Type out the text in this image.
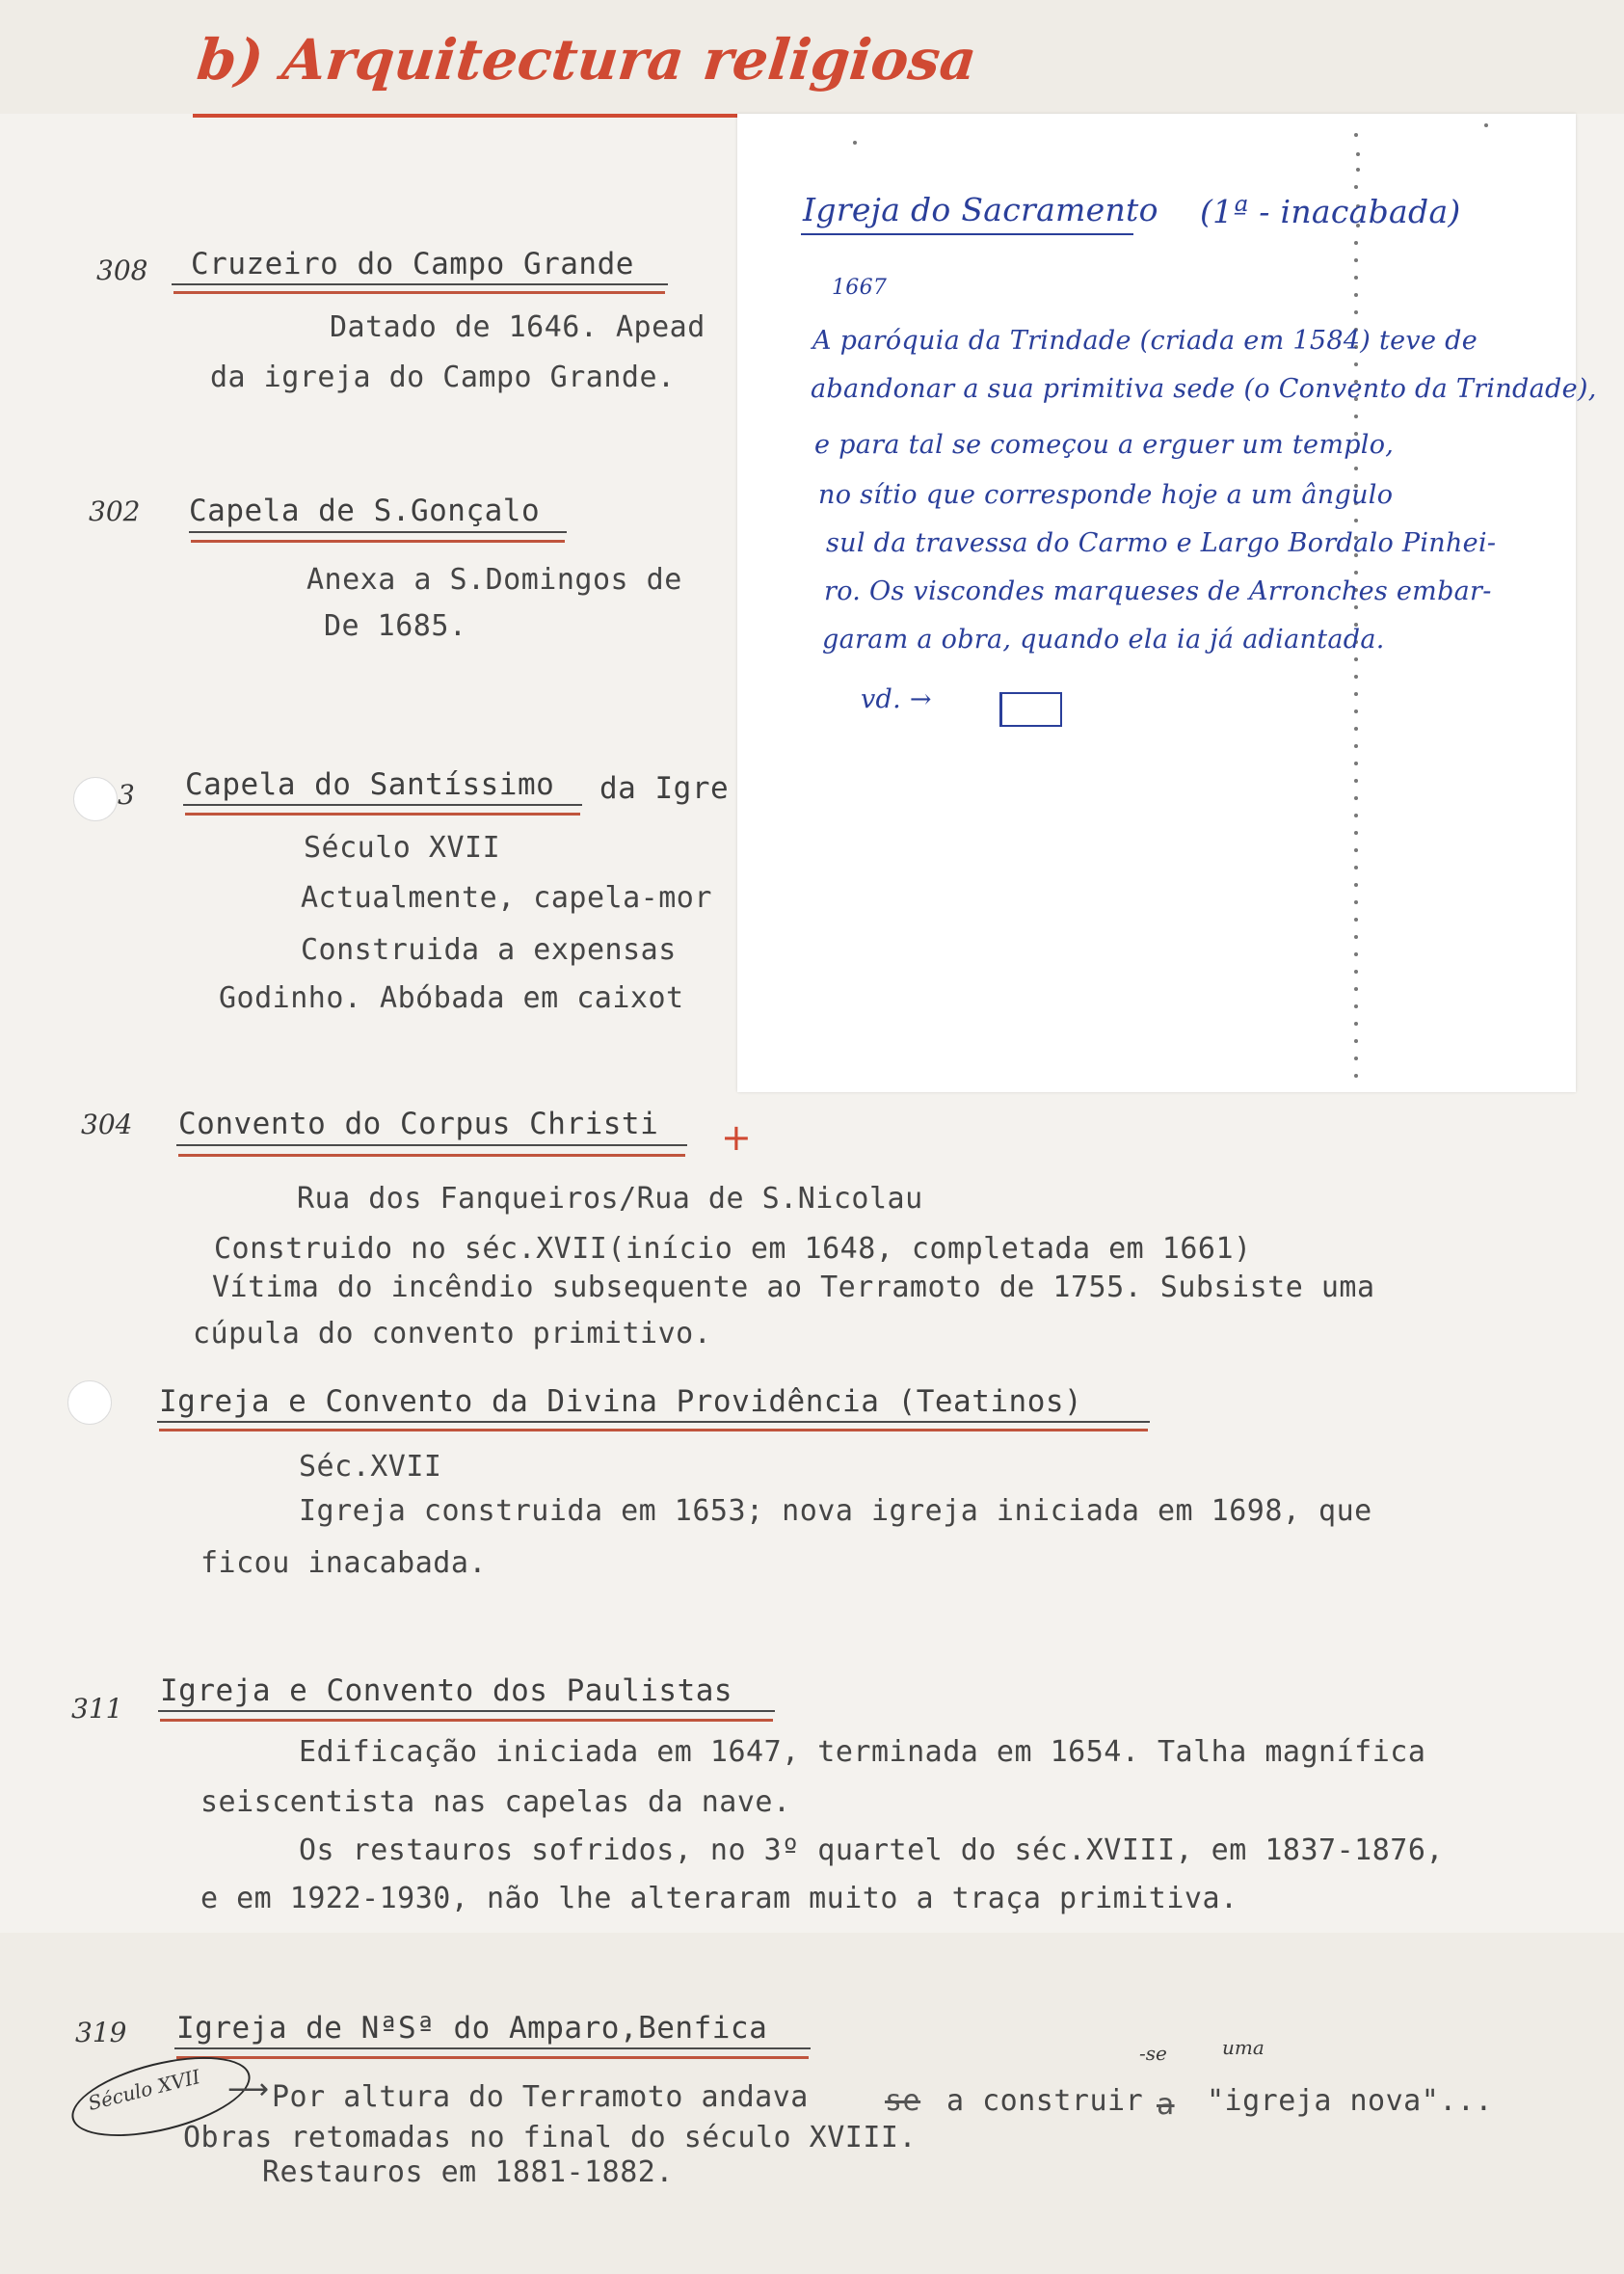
b) Arquitectura religiosa
308 Cruzeiro do Campo Grande
Datado de 1646. Apead
da igreja do Campo Grande.
302 Capela de S.Gonçalo
Anexa a S.Domingos de
De 1685.
3 Capela do Santíssimo da Igre
Século XVII
Actualmente, capela-mor
Construida a expensas
Godinho. Abóbada em caixot
304 Convento do Corpus Christi +
Rua dos Fanqueiros/Rua de S.Nicolau
Construido no séc.XVII(início em 1648, completada em 1661)
Vítima do incêndio subsequente ao Terramoto de 1755. Subsiste uma
cúpula do convento primitivo.
Igreja e Convento da Divina Providência (Teatinos)
Séc.XVII
Igreja construida em 1653; nova igreja iniciada em 1698, que
ficou inacabada.
311
Igreja e Convento dos Paulistas
Edificação iniciada em 1647, terminada em 1654. Talha magnífica
seiscentista nas capelas da nave.
Os restauros sofridos, no 3º quartel do séc.XVIII, em 1837-1876,
e em 1922-1930, não lhe alteraram muito a traça primitiva.
319 Igreja de NªSª do Amparo,Benfica
Século XVII ⟶ Por altura do Terramoto andava	se a construir a
-se	uma
"igreja nova"...
Obras retomadas no final do século XVIII.
Restauros em 1881-1882.
Igreja do Sacramento (1ª - inacabada)
1667
A paróquia da Trindade (criada em 1584) teve de
abandonar a sua primitiva sede (o Convento da Trindade),
e para tal se começou a erguer um templo,
no sítio que corresponde hoje a um ângulo
sul da travessa do Carmo e Largo Bordalo Pinhei-
ro. Os viscondes marqueses de Arronches embar-
garam a obra, quando ela ia já adiantada.
vd. →
